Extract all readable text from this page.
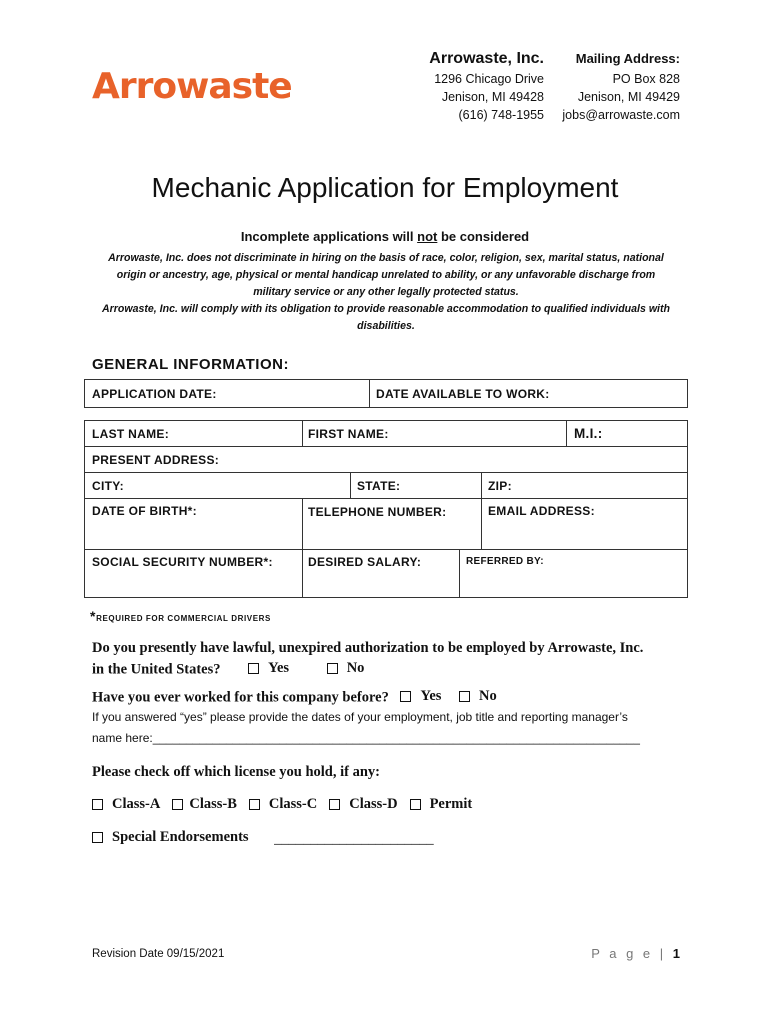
Arrowaste
Arrowaste, Inc.
1296 Chicago Drive
Jenison, MI 49428
(616) 748-1955
Mailing Address:
PO Box 828
Jenison, MI 49429
jobs@arrowaste.com
Mechanic Application for Employment
Incomplete applications will not be considered
Arrowaste, Inc. does not discriminate in hiring on the basis of race, color, religion, sex, marital status, national origin or ancestry, age, physical or mental handicap unrelated to ability, or any unfavorable discharge from military service or any other legally protected status.
Arrowaste, Inc. will comply with its obligation to provide reasonable accommodation to qualified individuals with disabilities.
GENERAL INFORMATION:
APPLICATION DATE:	DATE AVAILABLE TO WORK:
LAST NAME:	FIRST NAME:	M.I.:
PRESENT ADDRESS:
CITY:	STATE:	ZIP:
DATE OF BIRTH*:	TELEPHONE NUMBER:	EMAIL ADDRESS:
SOCIAL SECURITY NUMBER*:	DESIRED SALARY:	REFERRED BY:
*REQUIRED FOR COMMERCIAL DRIVERS
Do you presently have lawful, unexpired authorization to be employed by Arrowaste, Inc.
in the United States?	Yes
	No
Have you ever worked for this company before? Yes
	No
If you answered “yes” please provide the dates of your employment, job title and reporting manager’s
name here:_________________________________________________________________________
Please check off which license you hold, if any:
Class-A Class-B Class-C Class-D Permit
Special Endorsements ______________________
Revision Date 09/15/2021	P a g e | 1
